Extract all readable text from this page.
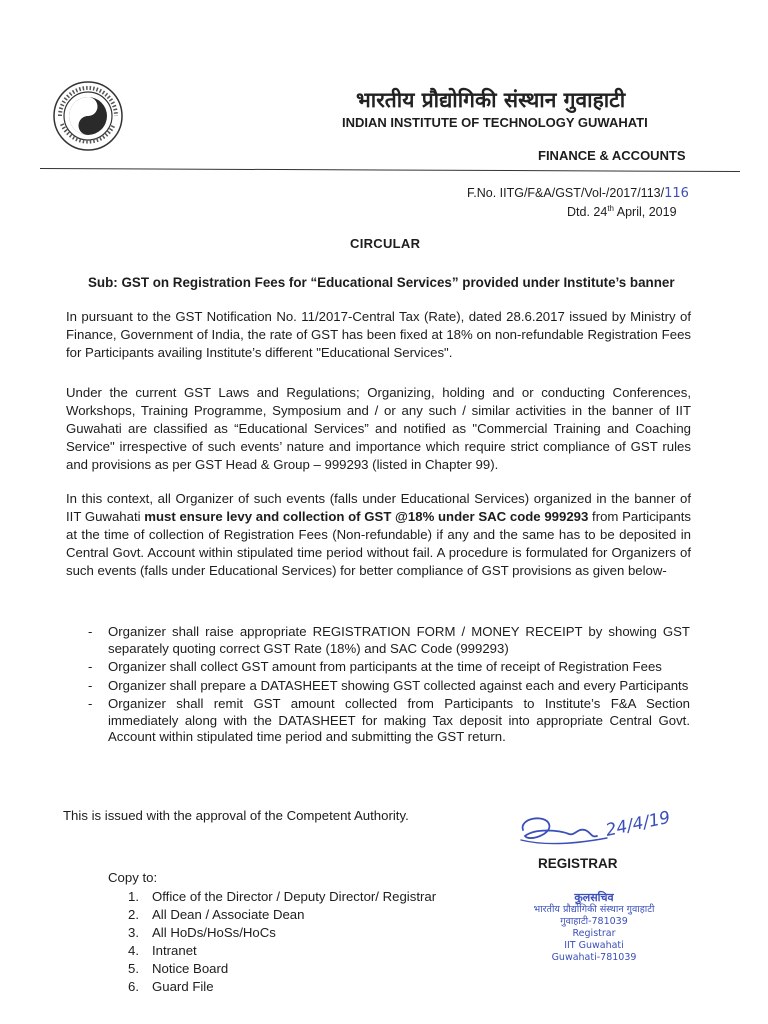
भारतीय प्रौद्योगिकी संस्थान गुवाहाटी
INDIAN INSTITUTE OF TECHNOLOGY GUWAHATI
FINANCE & ACCOUNTS
F.No. IITG/F&A/GST/Vol-/2017/113/116
Dtd. 24th April, 2019
CIRCULAR
Sub: GST on Registration Fees for “Educational Services” provided under Institute’s banner
In pursuant to the GST Notification No. 11/2017-Central Tax (Rate), dated 28.6.2017 issued by Ministry of Finance, Government of India, the rate of GST has been fixed at 18% on non-refundable Registration Fees for Participants availing Institute’s different "Educational Services".
Under the current GST Laws and Regulations; Organizing, holding and or conducting Conferences, Workshops, Training Programme, Symposium and / or any such / similar activities in the banner of IIT Guwahati are classified as “Educational Services” and notified as "Commercial Training and Coaching Service" irrespective of such events’ nature and importance which require strict compliance of GST rules and provisions as per GST Head & Group – 999293 (listed in Chapter 99).
In this context, all Organizer of such events (falls under Educational Services) organized in the banner of IIT Guwahati must ensure levy and collection of GST @18% under SAC code 999293 from Participants at the time of collection of Registration Fees (Non-refundable) if any and the same has to be deposited in Central Govt. Account within stipulated time period without fail. A procedure is formulated for Organizers of such events (falls under Educational Services) for better compliance of GST provisions as given below-
- Organizer shall raise appropriate REGISTRATION FORM / MONEY RECEIPT by showing GST separately quoting correct GST Rate (18%) and SAC Code (999293)
- Organizer shall collect GST amount from participants at the time of receipt of Registration Fees
- Organizer shall prepare a DATASHEET showing GST collected against each and every Participants
- Organizer shall remit GST amount collected from Participants to Institute’s F&A Section immediately along with the DATASHEET for making Tax deposit into appropriate Central Govt. Account within stipulated time period and submitting the GST return.
This is issued with the approval of the Competent Authority.	24/4/19
REGISTRAR
Copy to:
1. Office of the Director / Deputy Director/ Registrar
2. All Dean / Associate Dean
3. All HoDs/HoSs/HoCs
4. Intranet
5. Notice Board
6. Guard File
कुलसचिव
भारतीय प्रौद्योगिकी संस्थान गुवाहाटी
गुवाहाटी-781039
Registrar
IIT Guwahati
Guwahati-781039
